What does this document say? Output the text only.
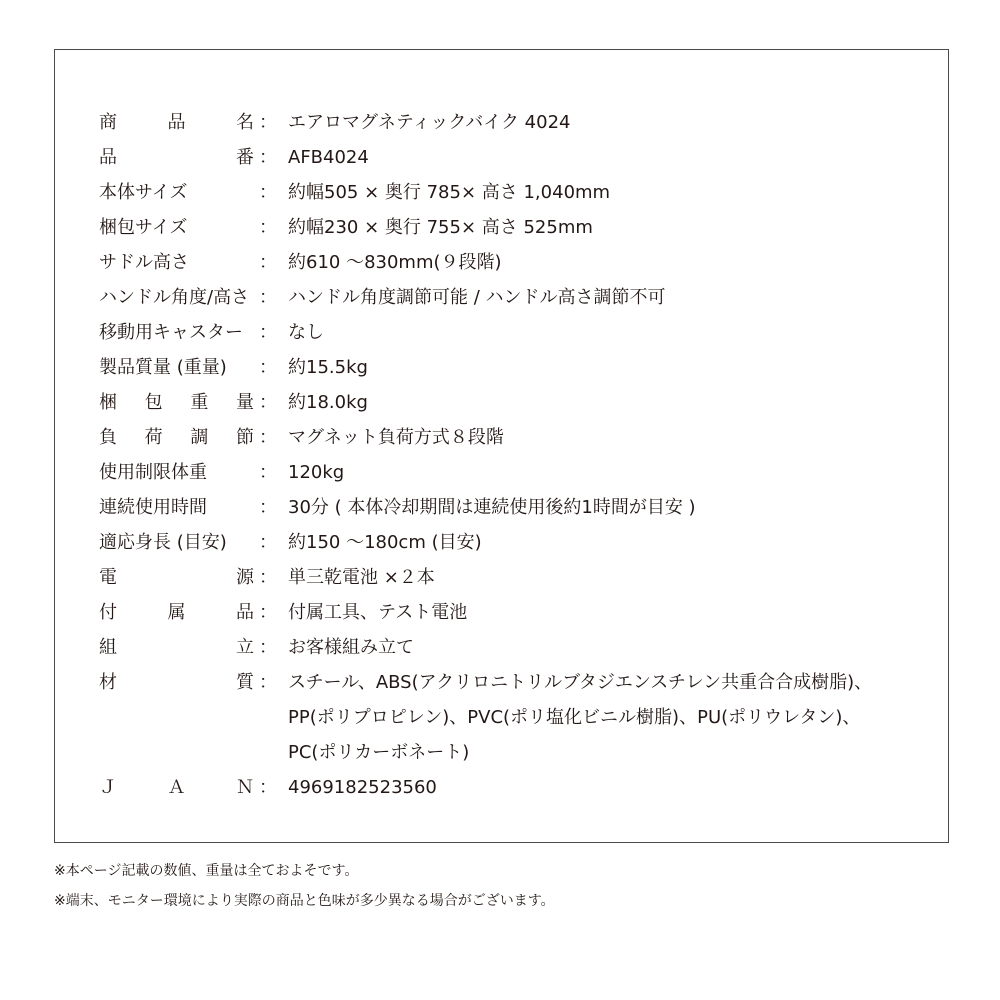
商	品	名 ： エアロマグネティックバイク 4024
品	番 ： AFB4024
本体サイズ	： 約幅505 × 奥行 785× 高さ 1,040mm
梱包サイズ	： 約幅230 × 奥行 755× 高さ 525mm
サドル高さ	： 約610 ～830mm(９段階)
ハンドル角度/高さ ： ハンドル角度調節可能 / ハンドル高さ調節不可
移動用キャスター ： なし
製品質量 (重量) ： 約15.5kg
梱 包 重 量 ： 約18.0kg
負 荷 調 節 ： マグネット負荷方式８段階
使用制限体重	： 120kg
連続使用時間	： 30分 ( 本体冷却期間は連続使用後約1時間が目安 )
適応身長 (目安) ： 約150 ～180cm (目安)
電	源 ： 単三乾電池 ×２本
付	属	品 ： 付属工具、テスト電池
組	立 ： お客様組み立て
材	質 ： スチール、ABS(アクリロニトリルブタジエンスチレン共重合合成樹脂)、
PP(ポリプロピレン)、PVC(ポリ塩化ビニル樹脂)、PU(ポリウレタン)、
PC(ポリカーボネート)
Ｊ	Ａ	Ｎ ： 4969182523560
※本ページ記載の数値、重量は全ておよそです。
※端末、モニター環境により実際の商品と色味が多少異なる場合がございます。
